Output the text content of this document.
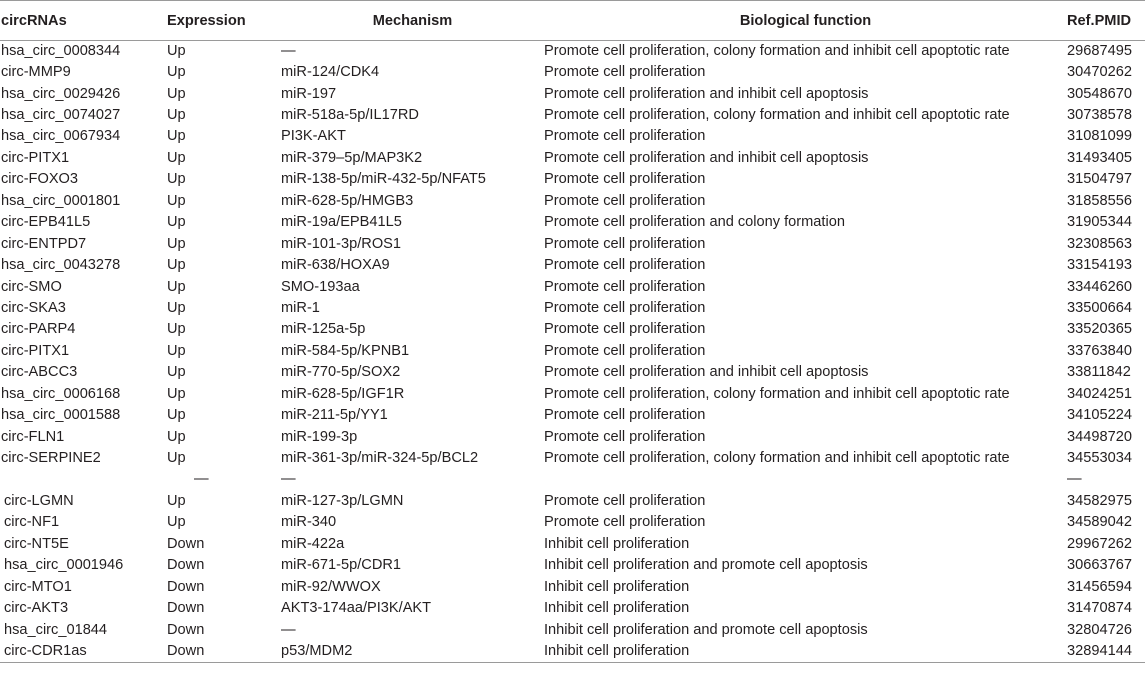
circRNAs	Expression	Mechanism	Biological function	Ref.PMID
hsa_circ_0008344	Up	—	Promote cell proliferation, colony formation and inhibit cell apoptotic rate	29687495
circ-MMP9	Up	miR-124/CDK4	Promote cell proliferation	30470262
hsa_circ_0029426	Up	miR-197	Promote cell proliferation and inhibit cell apoptosis	30548670
hsa_circ_0074027	Up	miR-518a-5p/IL17RD	Promote cell proliferation, colony formation and inhibit cell apoptotic rate	30738578
hsa_circ_0067934	Up	PI3K-AKT	Promote cell proliferation	31081099
circ-PITX1	Up	miR-379–5p/MAP3K2	Promote cell proliferation and inhibit cell apoptosis	31493405
circ-FOXO3	Up	miR-138-5p/miR-432-5p/NFAT5	Promote cell proliferation	31504797
hsa_circ_0001801	Up	miR-628-5p/HMGB3	Promote cell proliferation	31858556
circ-EPB41L5	Up	miR-19a/EPB41L5	Promote cell proliferation and colony formation	31905344
circ-ENTPD7	Up	miR-101-3p/ROS1	Promote cell proliferation	32308563
hsa_circ_0043278	Up	miR-638/HOXA9	Promote cell proliferation	33154193
circ-SMO	Up	SMO-193aa	Promote cell proliferation	33446260
circ-SKA3	Up	miR-1	Promote cell proliferation	33500664
circ-PARP4	Up	miR-125a-5p	Promote cell proliferation	33520365
circ-PITX1	Up	miR-584-5p/KPNB1	Promote cell proliferation	33763840
circ-ABCC3	Up	miR-770-5p/SOX2	Promote cell proliferation and inhibit cell apoptosis	33811842
hsa_circ_0006168	Up	miR-628-5p/IGF1R	Promote cell proliferation, colony formation and inhibit cell apoptotic rate	34024251
hsa_circ_0001588	Up	miR-211-5p/YY1	Promote cell proliferation	34105224
circ-FLN1	Up	miR-199-3p	Promote cell proliferation	34498720
circ-SERPINE2	Up	miR-361-3p/miR-324-5p/BCL2	Promote cell proliferation, colony formation and inhibit cell apoptotic rate	34553034
	—	—		—
circ-LGMN	Up	miR-127-3p/LGMN	Promote cell proliferation	34582975
circ-NF1	Up	miR-340	Promote cell proliferation	34589042
circ-NT5E	Down	miR-422a	Inhibit cell proliferation	29967262
hsa_circ_0001946	Down	miR-671-5p/CDR1	Inhibit cell proliferation and promote cell apoptosis	30663767
circ-MTO1	Down	miR-92/WWOX	Inhibit cell proliferation	31456594
circ-AKT3	Down	AKT3-174aa/PI3K/AKT	Inhibit cell proliferation	31470874
hsa_circ_01844	Down	—	Inhibit cell proliferation and promote cell apoptosis	32804726
circ-CDR1as	Down	p53/MDM2	Inhibit cell proliferation	32894144
